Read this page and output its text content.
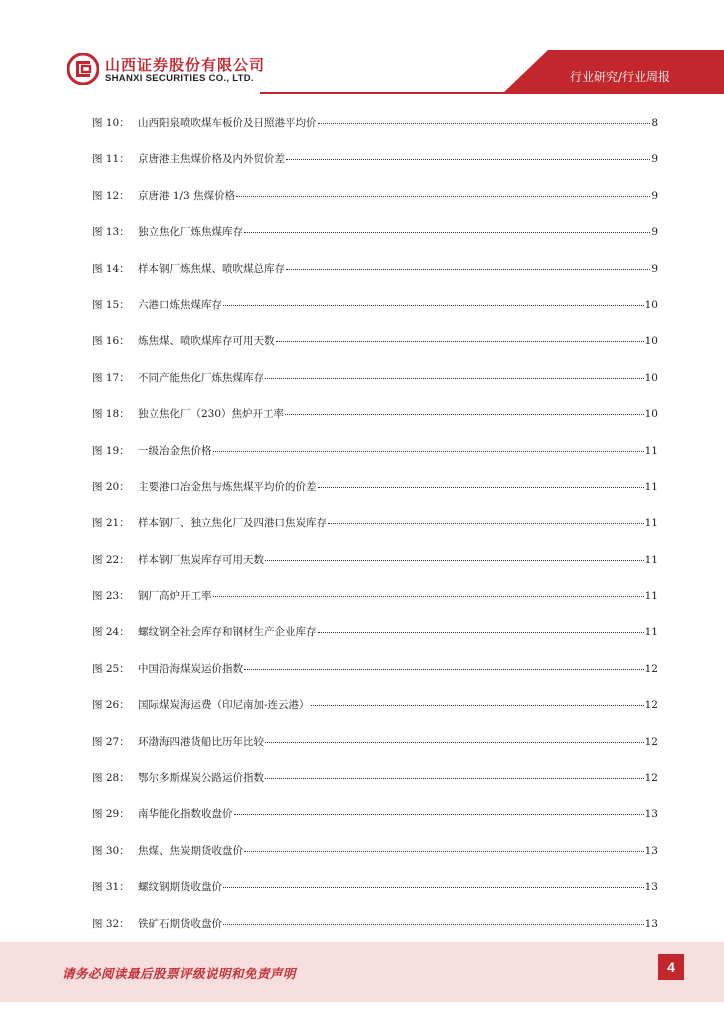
山西证券股份有限公司
SHANXI SECURITIES CO., LTD.	行业研究/行业周报
图 10： 山西阳泉喷吹煤车板价及日照港平均价	8
图 11： 京唐港主焦煤价格及内外贸价差	9
图 12： 京唐港 1/3 焦煤价格	9
图 13： 独立焦化厂炼焦煤库存	9
图 14： 样本钢厂炼焦煤、喷吹煤总库存	9
图 15： 六港口炼焦煤库存	10
图 16： 炼焦煤、喷吹煤库存可用天数	10
图 17： 不同产能焦化厂炼焦煤库存	10
图 18： 独立焦化厂（230）焦炉开工率	10
图 19： 一级冶金焦价格	11
图 20： 主要港口冶金焦与炼焦煤平均价的价差	11
图 21： 样本钢厂、独立焦化厂及四港口焦炭库存	11
图 22： 样本钢厂焦炭库存可用天数	11
图 23： 钢厂高炉开工率	11
图 24： 螺纹钢全社会库存和钢材生产企业库存	11
图 25： 中国沿海煤炭运价指数	12
图 26： 国际煤炭海运费（印尼南加-连云港）	12
图 27： 环渤海四港货船比历年比较	12
图 28： 鄂尔多斯煤炭公路运价指数	12
图 29： 南华能化指数收盘价	13
图 30： 焦煤、焦炭期货收盘价	13
图 31： 螺纹钢期货收盘价	13
图 32： 铁矿石期货收盘价	13
请务必阅读最后股票评级说明和免责声明	4
